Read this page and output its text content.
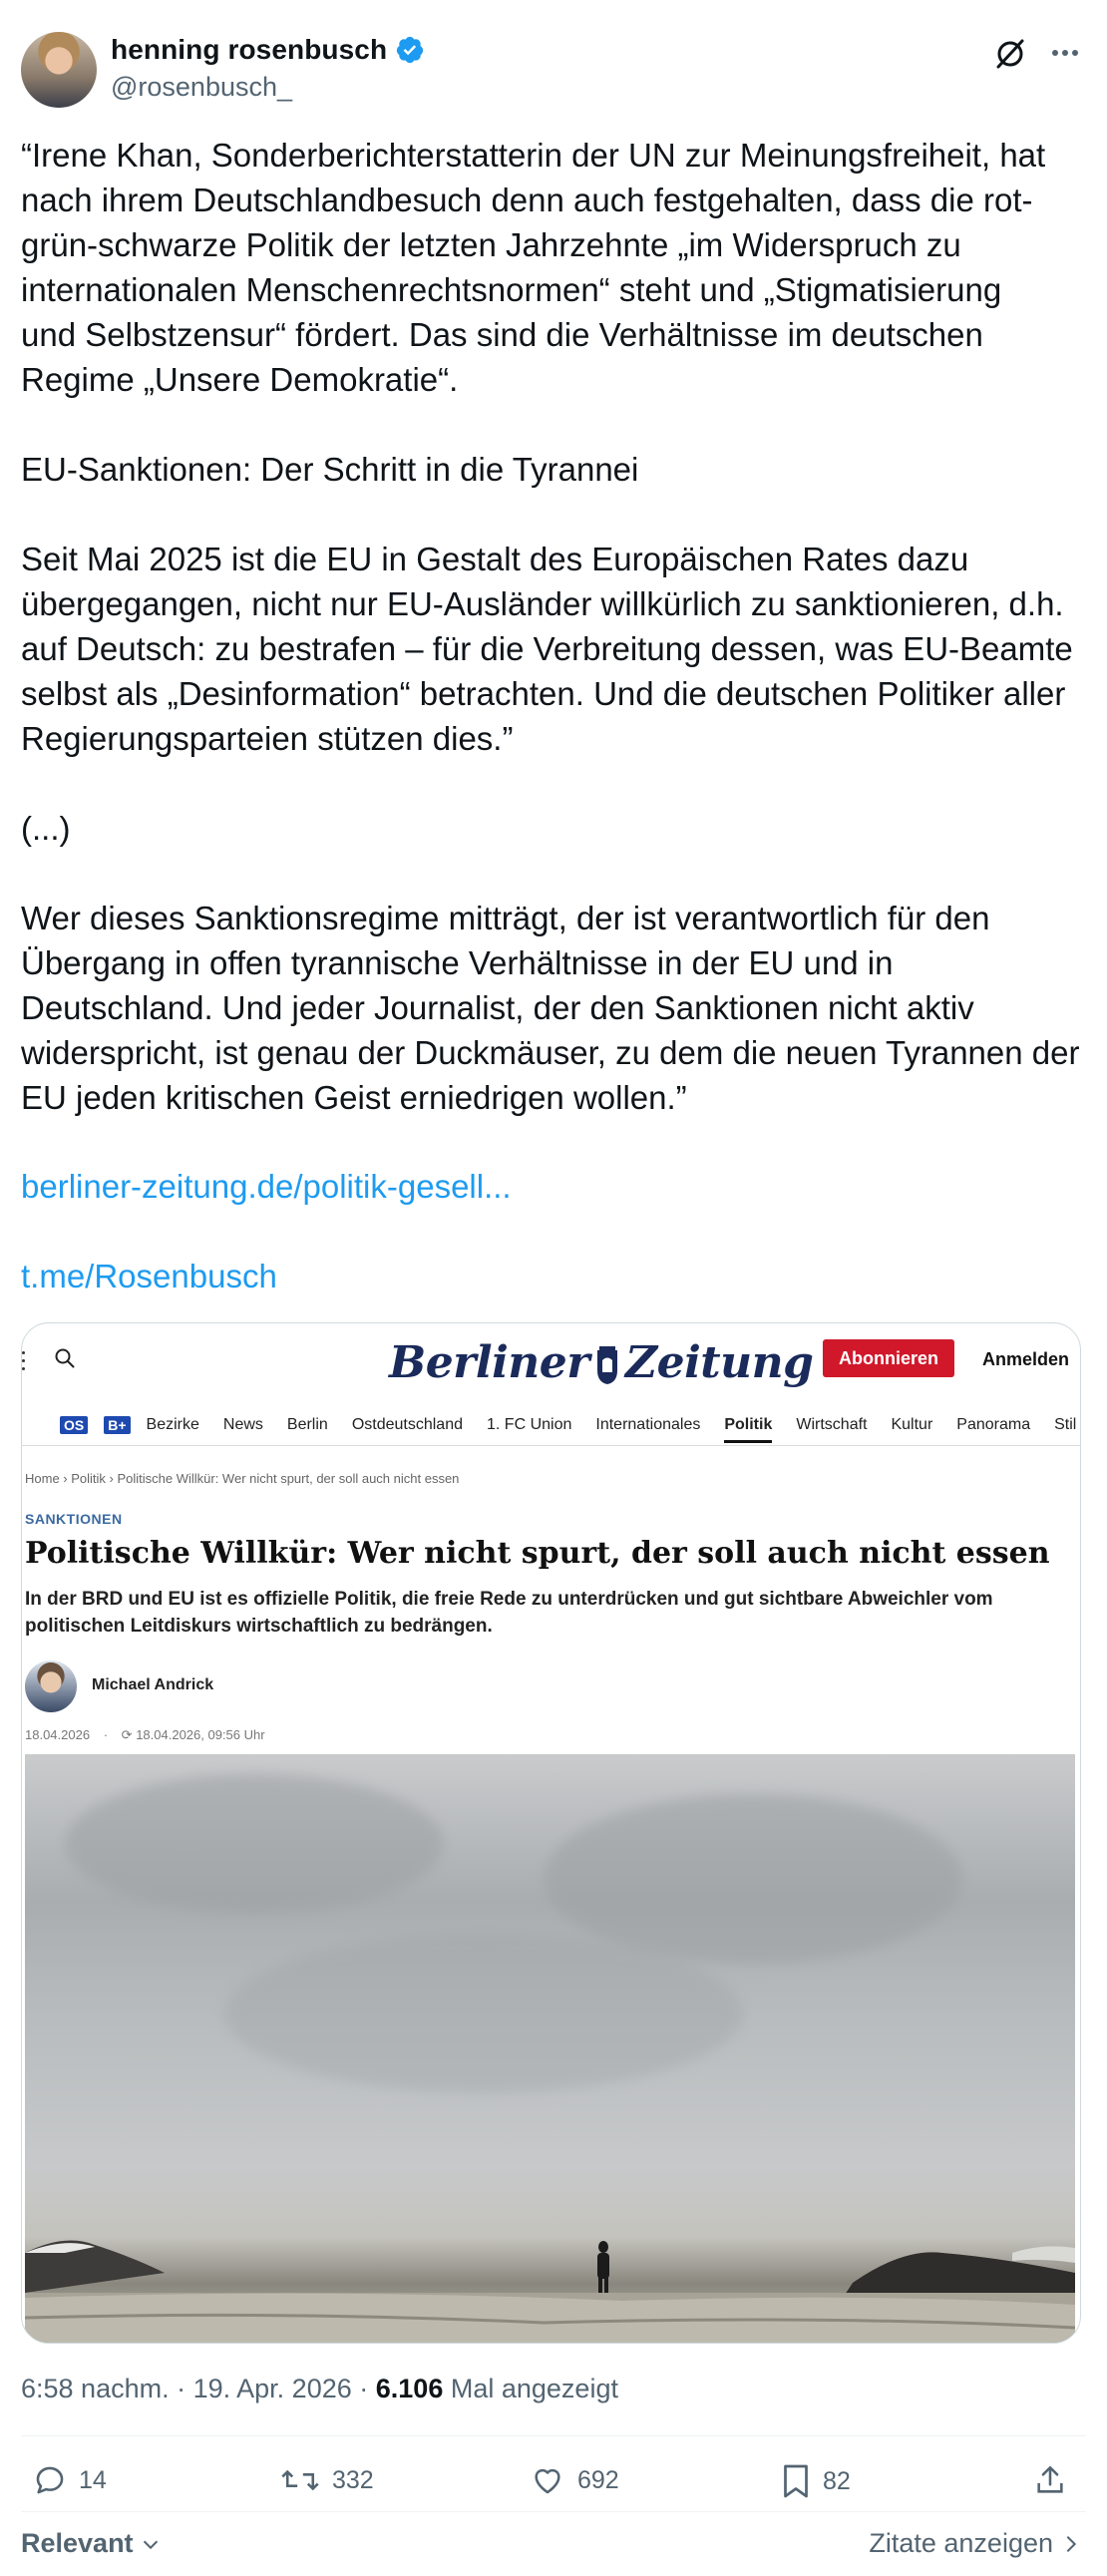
henning rosenbusch
@rosenbusch_

“Irene Khan, Sonderberichterstatterin der UN zur Meinungsfreiheit, hat
nach ihrem Deutschlandbesuch denn auch festgehalten, dass die rot-
grün-schwarze Politik der letzten Jahrzehnte „im Widerspruch zu
internationalen Menschenrechtsnormen“ steht und „Stigmatisierung
und Selbstzensur“ fördert. Das sind die Verhältnisse im deutschen
Regime „Unsere Demokratie“.

EU-Sanktionen: Der Schritt in die Tyrannei

Seit Mai 2025 ist die EU in Gestalt des Europäischen Rates dazu
übergegangen, nicht nur EU-Ausländer willkürlich zu sanktionieren, d.h.
auf Deutsch: zu bestrafen – für die Verbreitung dessen, was EU-Beamte
selbst als „Desinformation“ betrachten. Und die deutschen Politiker aller
Regierungsparteien stützen dies.”

(...)

Wer dieses Sanktionsregime mitträgt, der ist verantwortlich für den
Übergang in offen tyrannische Verhältnisse in der EU und in
Deutschland. Und jeder Journalist, der den Sanktionen nicht aktiv
widerspricht, ist genau der Duckmäuser, zu dem die neuen Tyrannen der
EU jeden kritischen Geist erniedrigen wollen.”

berliner-zeitung.de/politik-gesell...
t.me/Rosenbusch
Berliner Zeitung	Abonnieren	Anmelden
OS B+ Bezirke News Berlin Ostdeutschland 1. FC Union Internationales Politik Wirtschaft Kultur Panorama Stil
Home › Politik › Politische Willkür: Wer nicht spurt, der soll auch nicht essen
SANKTIONEN
Politische Willkür: Wer nicht spurt, der soll auch nicht essen
In der BRD und EU ist es offizielle Politik, die freie Rede zu unterdrücken und gut sichtbare Abweichler vom politischen Leitdiskurs wirtschaftlich zu bedrängen.
Michael Andrick
18.04.2026 · ⟳ 18.04.2026, 09:56 Uhr
6:58 nachm. · 19. Apr. 2026 · 6.106 Mal angezeigt
14	332	692	82
Relevant	Zitate anzeigen
